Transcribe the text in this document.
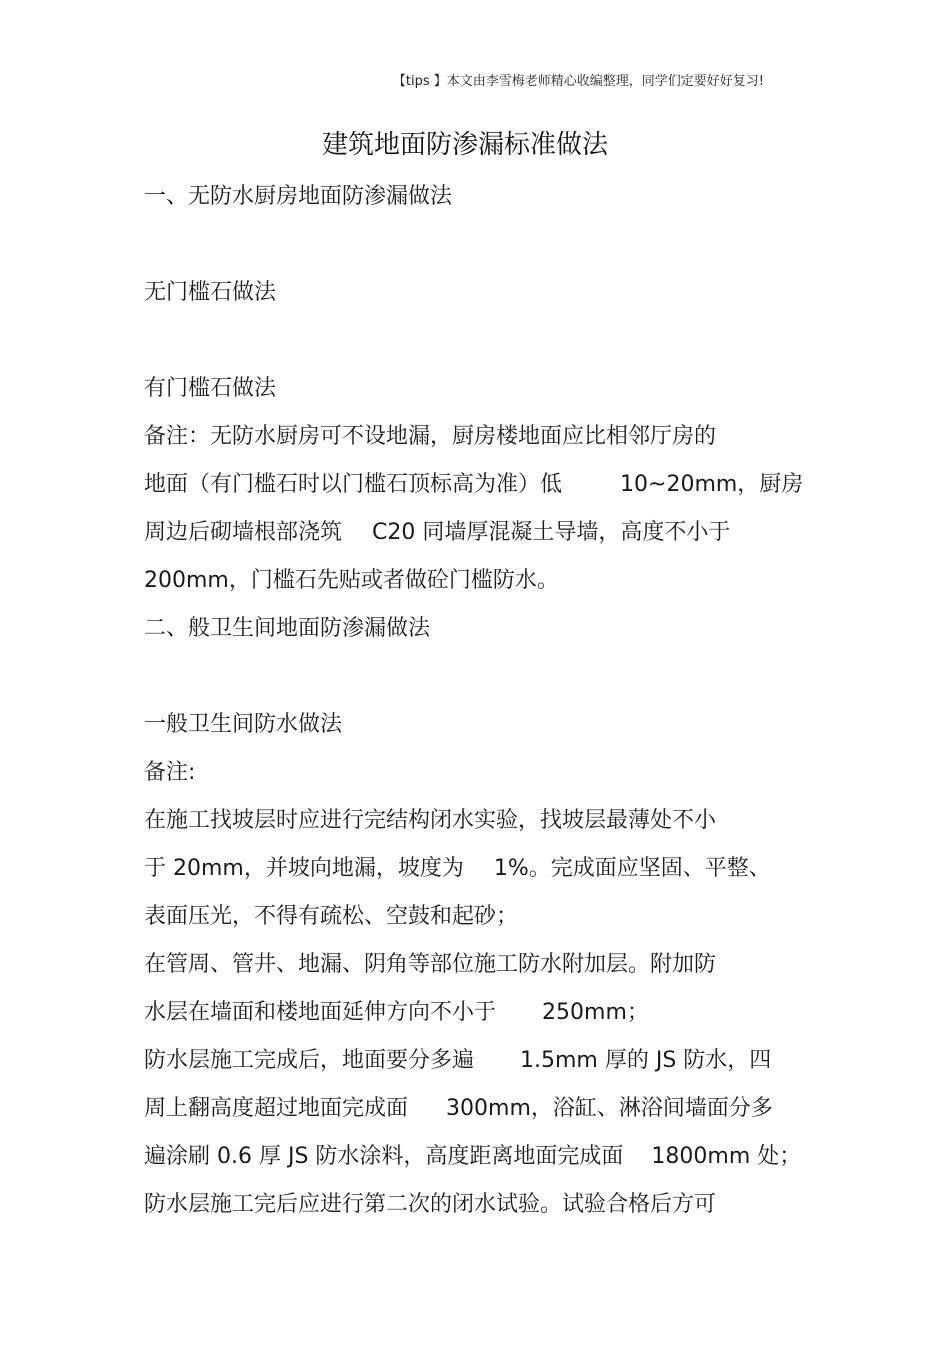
【tips 】本文由李雪梅老师精心收编整理，同学们定要好好复习!
建筑地面防渗漏标准做法
一、无防水厨房地面防渗漏做法
无门槛石做法
有门槛石做法
备注：无防水厨房可不设地漏，厨房楼地面应比相邻厅房的
地面（有门槛石时以门槛石顶标高为准）低	10~20mm，厨房
周边后砌墙根部浇筑 C20 同墙厚混凝土导墙，高度不小于
200mm，门槛石先贴或者做砼门槛防水。
二、般卫生间地面防渗漏做法
一般卫生间防水做法
备注:
在施工找坡层时应进行完结构闭水实验，找坡层最薄处不小
于 20mm，并坡向地漏，坡度为 1%。完成面应坚固、平整、
表面压光，不得有疏松、空鼓和起砂；
在管周、管井、地漏、阴角等部位施工防水附加层。附加防
水层在墙面和楼地面延伸方向不小于 250mm；
防水层施工完成后，地面要分多遍 1.5mm 厚的 JS 防水，四
周上翻高度超过地面完成面 300mm，浴缸、淋浴间墙面分多
遍涂刷 0.6 厚 JS 防水涂料，高度距离地面完成面 1800mm 处；
防水层施工完后应进行第二次的闭水试验。试验合格后方可
